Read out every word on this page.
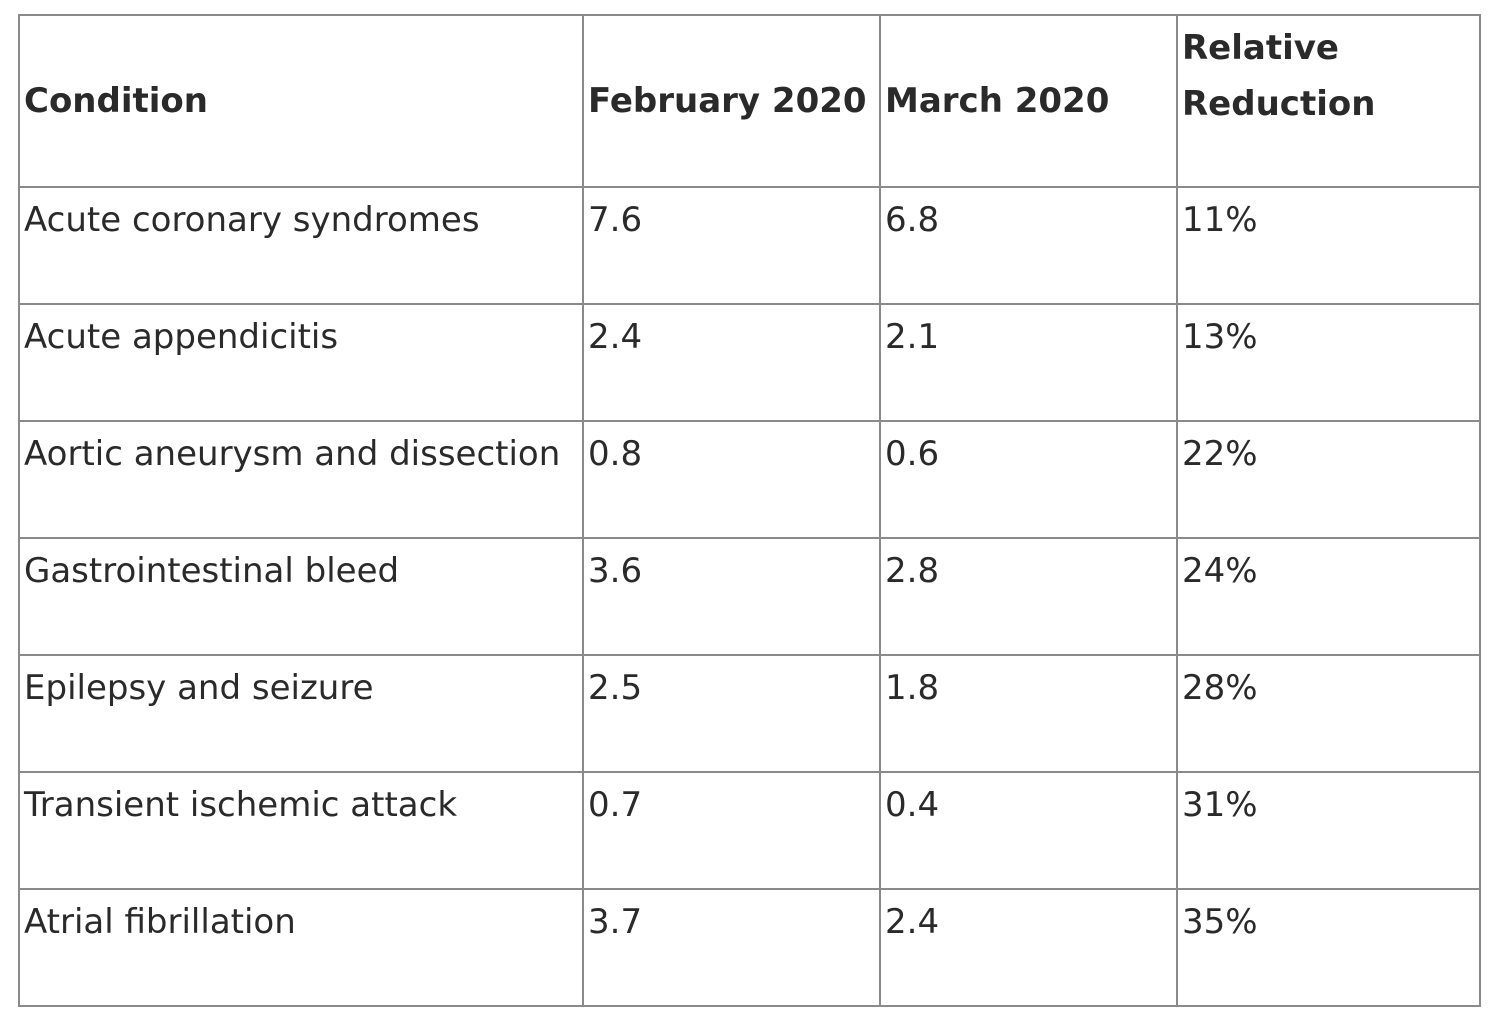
Condition	February 2020	March 2020	Relative Reduction
Acute coronary syndromes	7.6	6.8	11%
Acute appendicitis	2.4	2.1	13%
Aortic aneurysm and dissection	0.8	0.6	22%
Gastrointestinal bleed	3.6	2.8	24%
Epilepsy and seizure	2.5	1.8	28%
Transient ischemic attack	0.7	0.4	31%
Atrial fibrillation	3.7	2.4	35%
